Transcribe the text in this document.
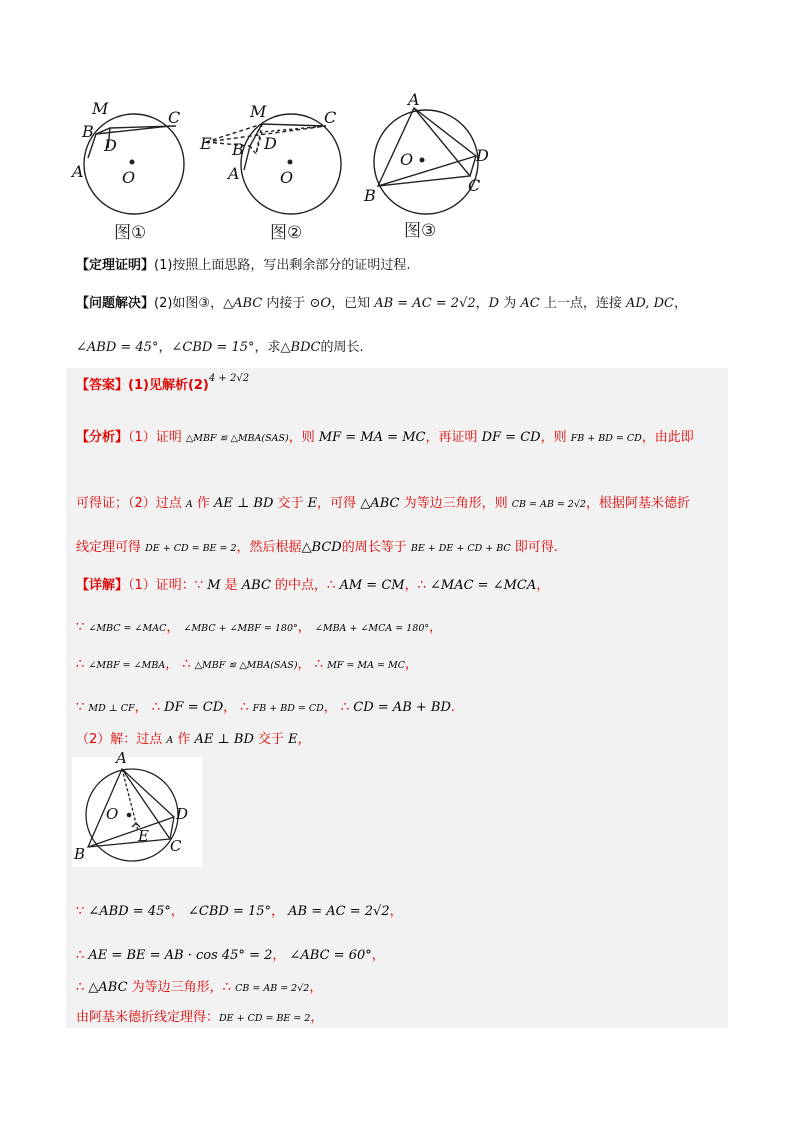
M
B
C
D
A O
M
E B D
C
A	O
A
O	D
B
C
图①	图②	图③
【定理证明】(1)按照上面思路，写出剩余部分的证明过程.
【问题解决】(2)如图③，△ABC 内接于 ⊙O，已知 AB = AC = 2√2，D 为 AC 上一点，连接 AD, DC，
∠ABD = 45°，∠CBD = 15°，求△BDC的周长.
【答案】(1)见解析$(2)^{4 + 2√2}$
【分析】（1）证明 △MBF ≌ △MBA(SAS)，则 MF = MA = MC，再证明 DF = CD，则 FB + BD = CD，由此即
可得证；（2）过点 A 作 AE ⊥ BD 交于 E，可得 △ABC 为等边三角形，则 CB = AB = 2√2，根据阿基米德折
线定理可得 DE + CD = BE = 2，然后根据△BCD的周长等于 BE + DE + CD + BC 即可得.
【详解】（1）证明：∵ M 是 ABC 的中点，∴ AM = CM，∴ ∠MAC = ∠MCA，
∵ ∠MBC = ∠MAC， ∠MBC + ∠MBF = 180°， ∠MBA + ∠MCA = 180°，
∴ ∠MBF = ∠MBA， ∴ △MBF ≌ △MBA(SAS)， ∴ MF = MA = MC，
∵ MD ⊥ CF， ∴ DF = CD， ∴ FB + BD = CD， ∴ CD = AB + BD.
（2）解：过点 A 作 AE ⊥ BD 交于 E，
A
O
E
D
B	C
∵ ∠ABD = 45°， ∠CBD = 15°， AB = AC = 2√2，
∴ AE = BE = AB · cos 45° = 2， ∠ABC = 60°，
∴ △ABC 为等边三角形，∴ CB = AB = 2√2，
由阿基米德折线定理得：DE + CD = BE = 2，
